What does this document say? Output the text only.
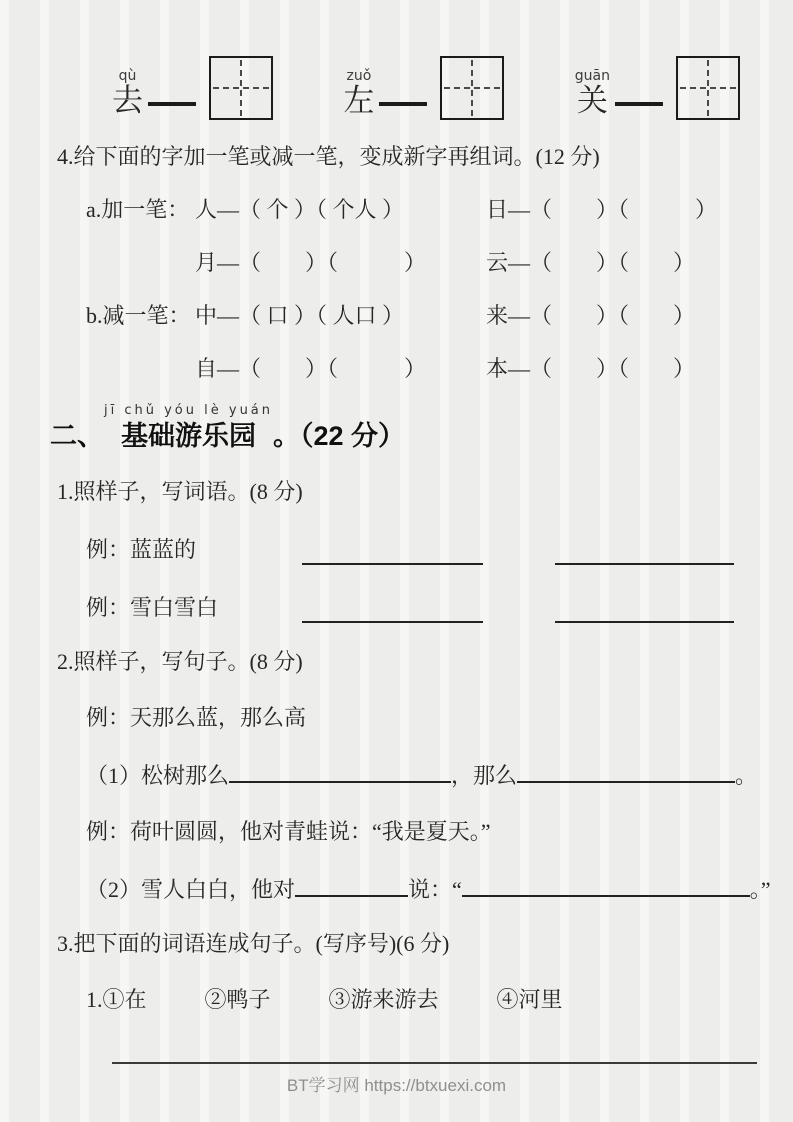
qù
去
zuǒ
左
guān
关
4.给下面的字加一笔或减一笔，变成新字再组词。(12 分)
a.加一笔： 人—（ 个 ）（ 个人 ）	日—（　　）（　　　）
月—（　　）（　　　）	云—（　　）（　　）
b.减一笔： 中—（ 口 ）（ 人口 ）	来—（　　）（　　）
自—（　　）（　　　）	本—（　　）（　　）
二、
jī chǔ yóu lè yuán
基础游乐园 。（22 分）
1.照样子，写词语。(8 分)
例：蓝蓝的
例：雪白雪白
2.照样子，写句子。(8 分)
例：天那么蓝，那么高
（1）松树那么	，那么	。
例：荷叶圆圆，他对青蛙说：“我是夏天。”
（2）雪人白白，他对	说：“	。”
3.把下面的词语连成句子。(写序号)(6 分)
1.①在	②鸭子	③游来游去	④河里
BT学习网 https://btxuexi.com
